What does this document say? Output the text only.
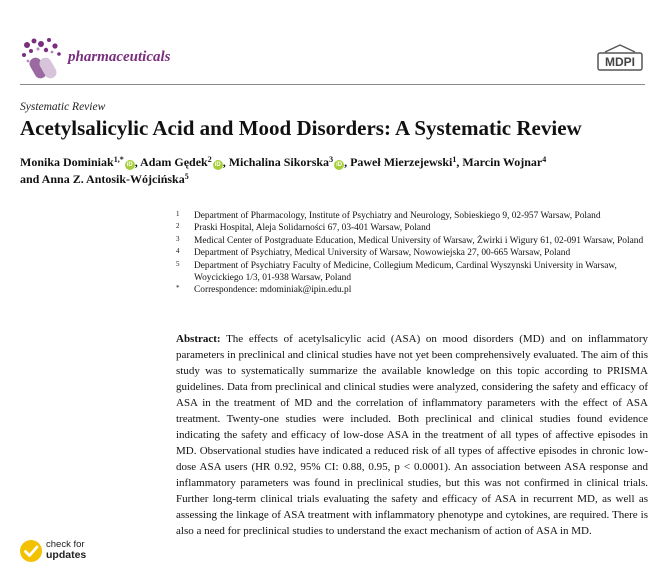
pharmaceuticals	MDPI
Systematic Review
Acetylsalicylic Acid and Mood Disorders: A Systematic Review
Monika Dominiak$^{1,*}$iD , Adam Gędek$^2$iD , Michalina Sikorska$^3$iD , Paweł Mierzejewski$^1$, Marcin Wojnar$^4$
and Anna Z. Antosik-Wójcińska$^5$
1 Department of Pharmacology, Institute of Psychiatry and Neurology, Sobieskiego 9, 02-957 Warsaw, Poland
2 Praski Hospital, Aleja Solidarności 67, 03-401 Warsaw, Poland
3 Medical Center of Postgraduate Education, Medical University of Warsaw, Żwirki i Wigury 61, 02-091 Warsaw, Poland
4 Department of Psychiatry, Medical University of Warsaw, Nowowiejska 27, 00-665 Warsaw, Poland
5 Department of Psychiatry Faculty of Medicine, Collegium Medicum, Cardinal Wyszynski University in Warsaw, Woycickiego 1/3, 01-938 Warsaw, Poland
* Correspondence: mdominiak@ipin.edu.pl
Abstract: The effects of acetylsalicylic acid (ASA) on mood disorders (MD) and on inflammatory parameters in preclinical and clinical studies have not yet been comprehensively evaluated. The aim of this study was to systematically summarize the available knowledge on this topic according to PRISMA guidelines. Data from preclinical and clinical studies were analyzed, considering the safety and efficacy of ASA in the treatment of MD and the correlation of inflammatory parameters with the effect of ASA treatment. Twenty-one studies were included. Both preclinical and clinical studies found evidence indicating the safety and efficacy of low-dose ASA in the treatment of all types of affective episodes in MD. Observational studies have indicated a reduced risk of all types of affective episodes in chronic low-dose ASA users (HR 0.92, 95% CI: 0.88, 0.95, p < 0.0001). An association between ASA response and inflammatory parameters was found in preclinical studies, but this was not confirmed in clinical trials. Further long-term clinical trials evaluating the safety and efficacy of ASA in recurrent MD, as well as assessing the linkage of ASA treatment with inflammatory phenotype and cytokines, are required. There is also a need for preclinical studies to understand the exact mechanism of action of ASA in MD.
check for
updates
